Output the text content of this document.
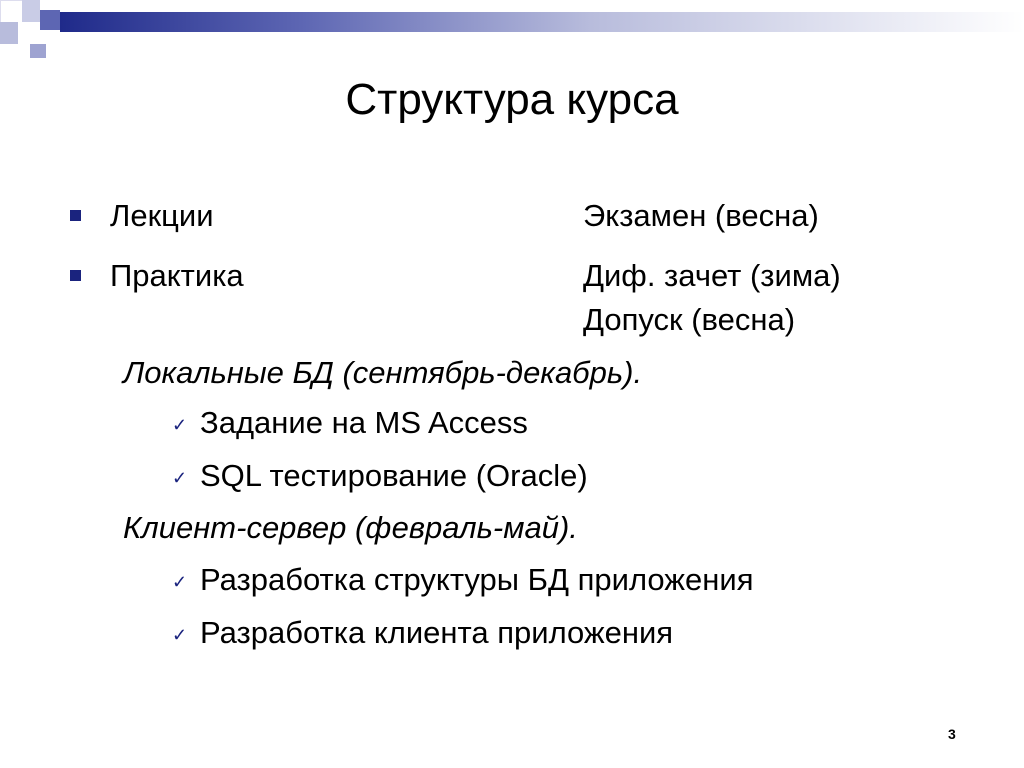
Структура курса
Лекции	Экзамен (весна)
Практика	Диф. зачет (зима)
Допуск (весна)
Локальные БД (сентябрь-декабрь).
✓ Задание на MS Access
✓ SQL тестирование (Oracle)
Клиент-сервер (февраль-май).
✓ Разработка структуры БД приложения
✓ Разработка клиента приложения
3
